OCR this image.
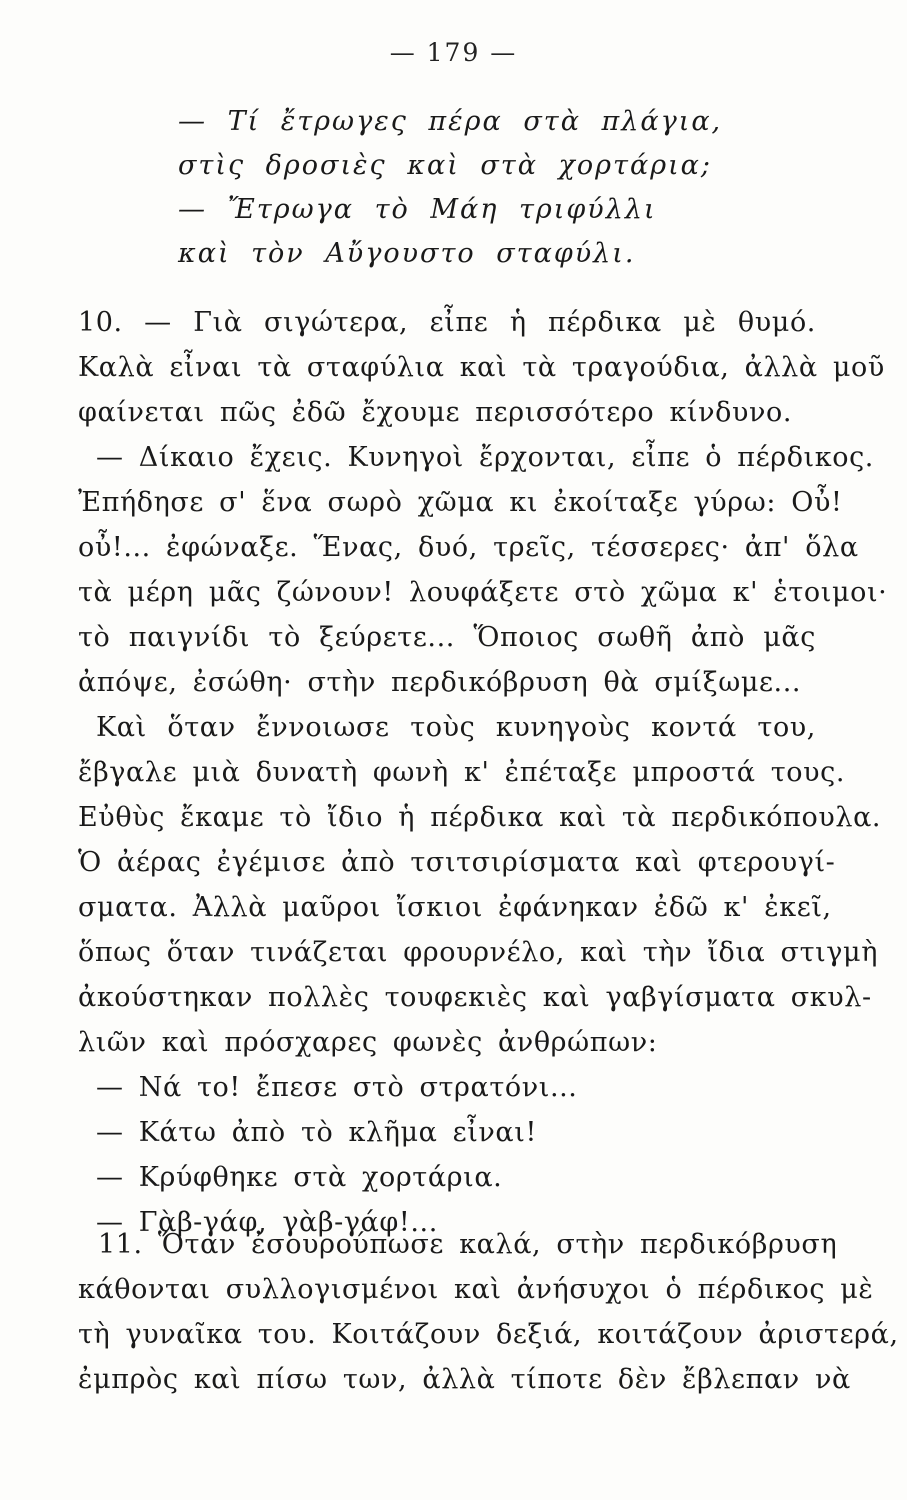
— 179 —
— Τί ἔτρωγες πέρα στὰ πλάγια,
στὶς δροσιὲς καὶ στὰ χορτάρια;
— Ἔτρωγα τὸ Μάη τριφύλλι
καὶ τὸν Αὔγουστο σταφύλι.
10. — Γιὰ σιγώτερα, εἶπε ἡ πέρδικα μὲ θυμό.
Καλὰ εἶναι τὰ σταφύλια καὶ τὰ τραγούδια, ἀλλὰ μοῦ
φαίνεται πῶς ἐδῶ ἔχουμε περισσότερο κίνδυνο.
— Δίκαιο ἔχεις. Κυνηγοὶ ἔρχονται, εἶπε ὁ πέρδικος.
Ἐπήδησε σ' ἕνα σωρὸ χῶμα κι ἐκοίταξε γύρω: Οὖ!
οὖ!... ἐφώναξε. Ἕνας, δυό, τρεῖς, τέσσερες· ἀπ' ὅλα
τὰ μέρη μᾶς ζώνουν! λουφάξετε στὸ χῶμα κ' ἑτοιμοι·
τὸ παιγνίδι τὸ ξεύρετε... Ὅποιος σωθῆ ἀπὸ μᾶς
ἀπόψε, ἐσώθη· στὴν περδικόβρυση θὰ σμίξωμε...
Καὶ ὅταν ἔννοιωσε τοὺς κυνηγοὺς κοντά του,
ἔβγαλε μιὰ δυνατὴ φωνὴ κ' ἐπέταξε μπροστά τους.
Εὐθὺς ἔκαμε τὸ ἴδιο ἡ πέρδικα καὶ τὰ περδικόπουλα.
Ὁ ἀέρας ἐγέμισε ἀπὸ τσιτσιρίσματα καὶ φτερουγί-
σματα. Ἀλλὰ μαῦροι ἴσκιοι ἐφάνηκαν ἐδῶ κ' ἐκεῖ,
ὅπως ὅταν τινάζεται φρουρνέλο, καὶ τὴν ἴδια στιγμὴ
ἀκούστηκαν πολλὲς τουφεκιὲς καὶ γαβγίσματα σκυλ-
λιῶν καὶ πρόσχαρες φωνὲς ἀνθρώπων:
— Νά το! ἔπεσε στὸ στρατόνι...
— Κάτω ἀπὸ τὸ κλῆμα εἶναι!
— Κρύφθηκε στὰ χορτάρια.
— Γὰβ-γάφ, γὰβ-γάφ!...
11. Ὅταν ἐσουρούπωσε καλά, στὴν περδικόβρυση
κάθονται συλλογισμένοι καὶ ἀνήσυχοι ὁ πέρδικος μὲ
τὴ γυναῖκα του. Κοιτάζουν δεξιά, κοιτάζουν ἀριστερά,
ἐμπρὸς καὶ πίσω των, ἀλλὰ τίποτε δὲν ἔβλεπαν νὰ
